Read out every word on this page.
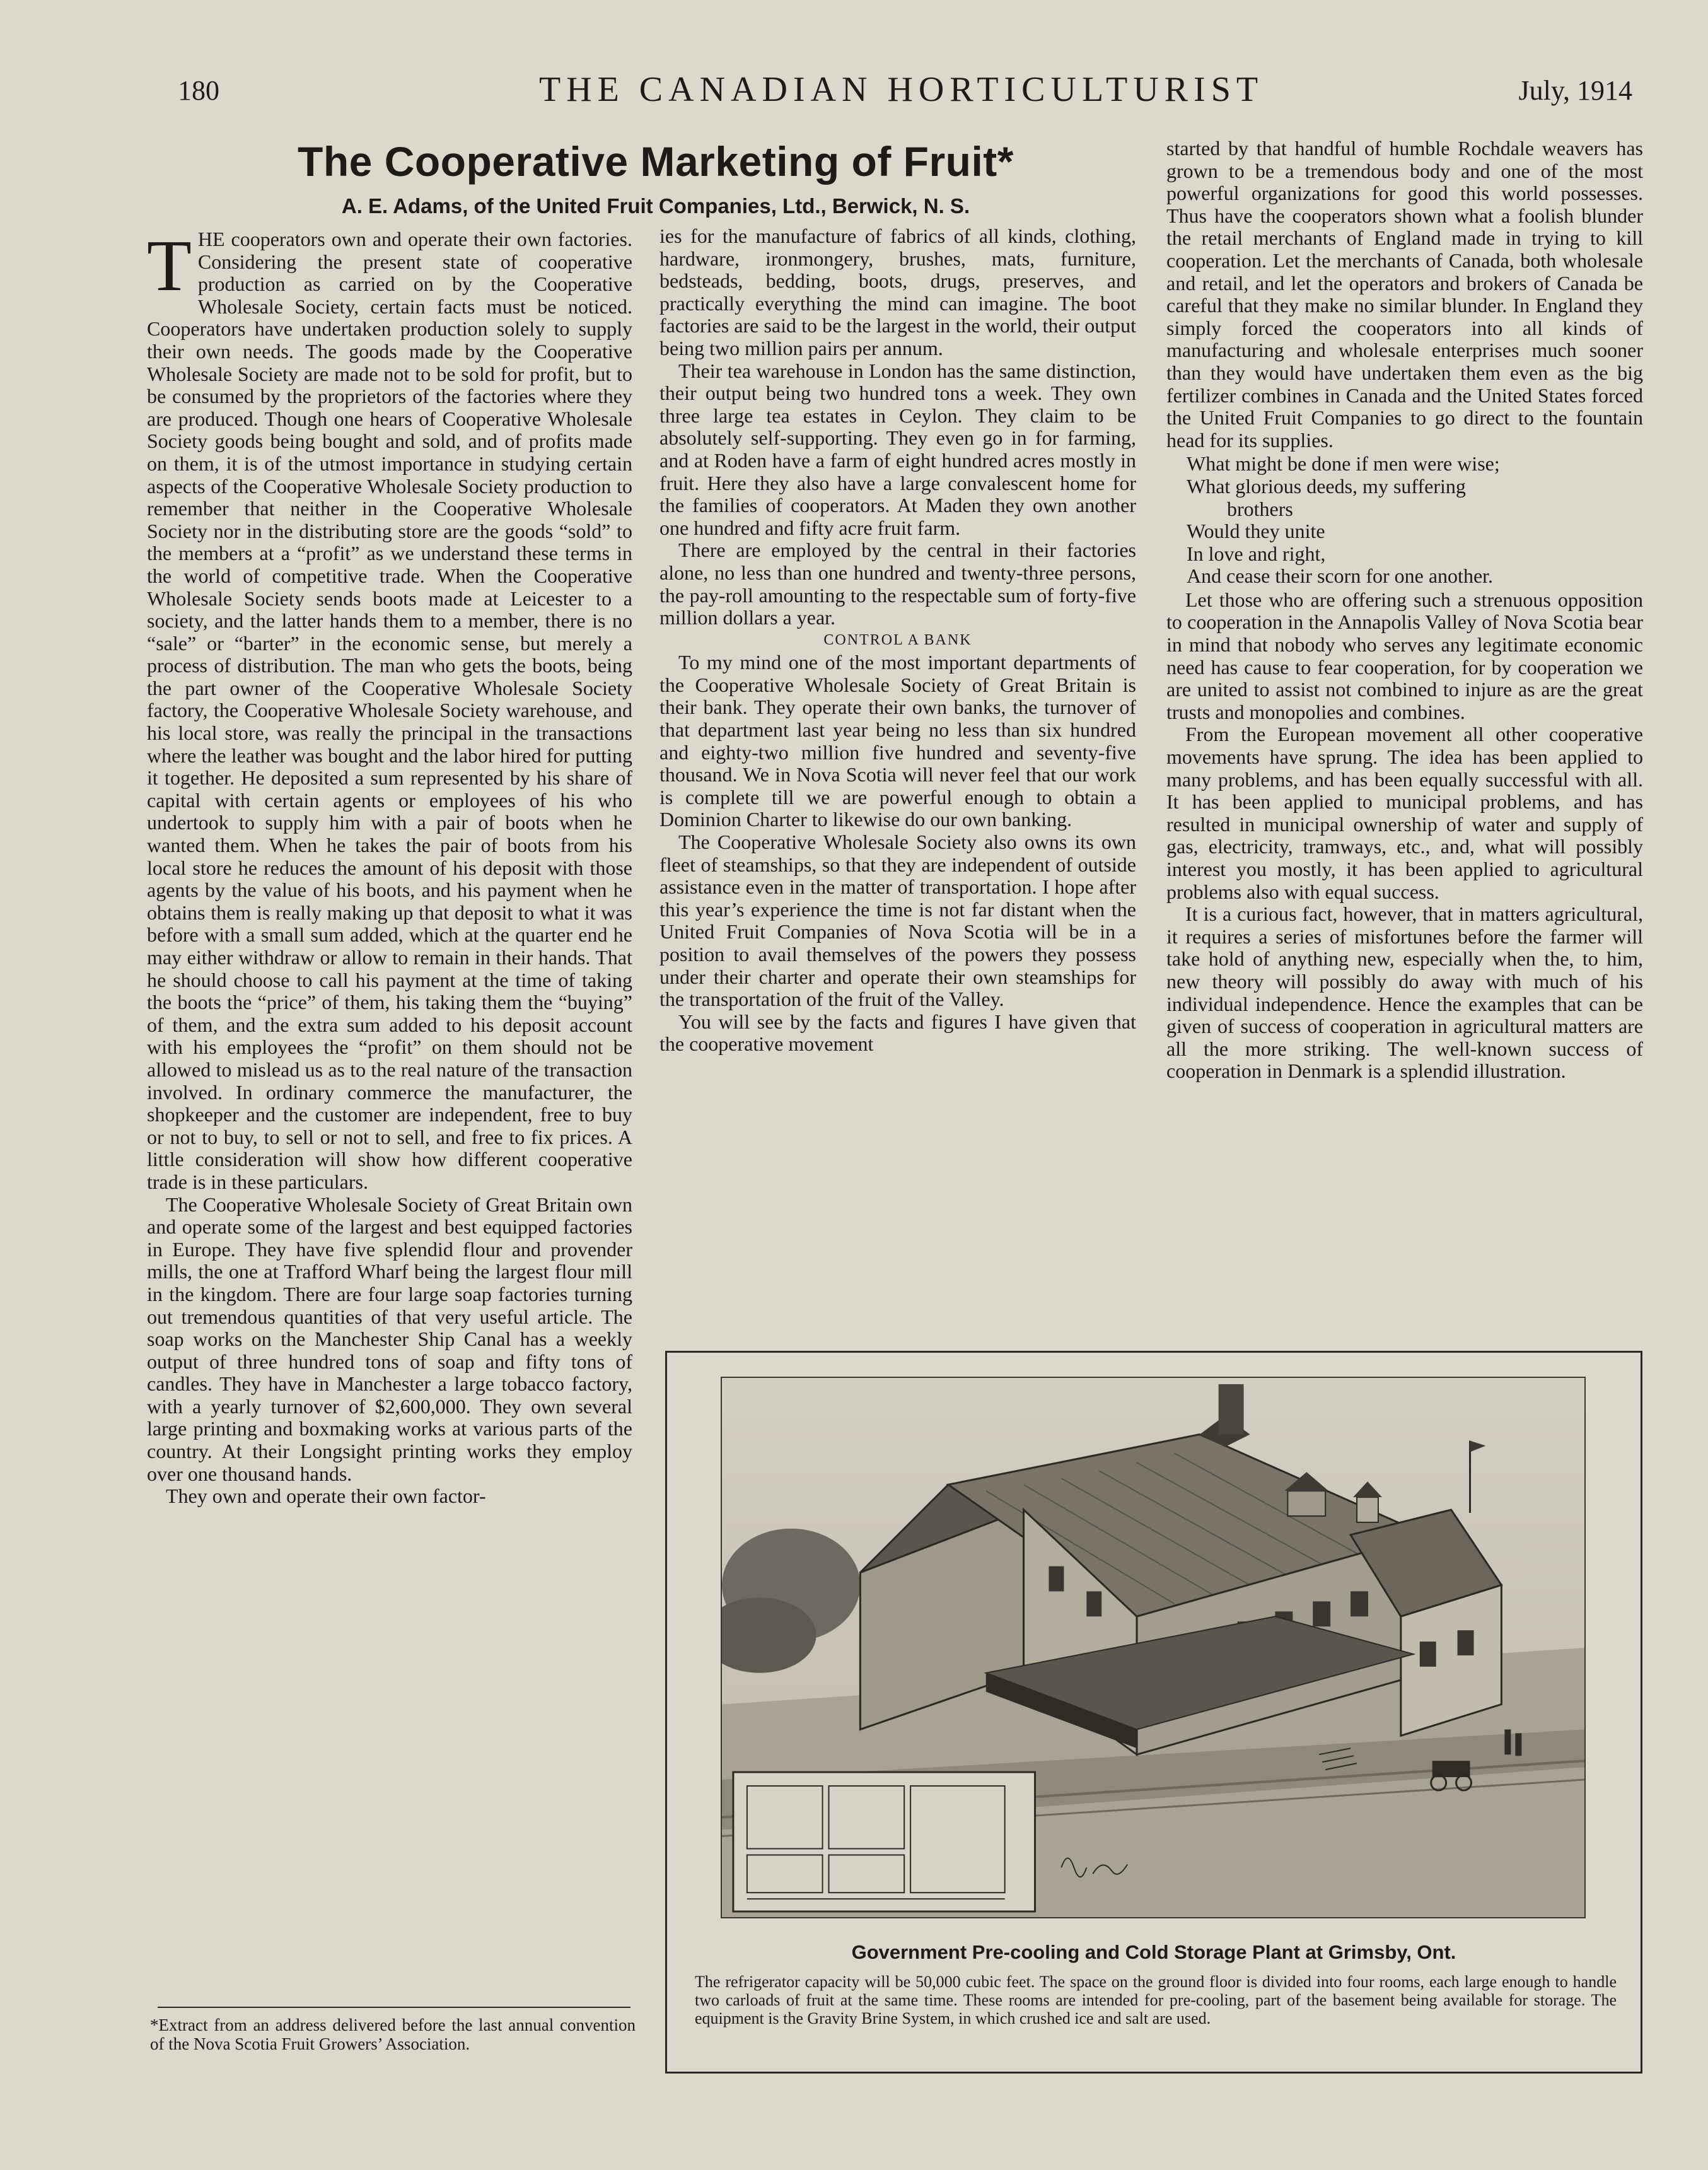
180	THE CANADIAN HORTICULTURIST	July, 1914
The Cooperative Marketing of Fruit*
A. E. Adams, of the United Fruit Companies, Ltd., Berwick, N. S.

THE cooperators own and operate their own factories. Considering the present state of cooperative production as carried on by the Cooperative Wholesale Society, certain facts must be noticed. Cooperators have undertaken production solely to supply their own needs. The goods made by the Cooperative Wholesale Society are made not to be sold for profit, but to be consumed by the proprietors of the factories where they are produced. Though one hears of Cooperative Wholesale Society goods being bought and sold, and of profits made on them, it is of the utmost importance in studying certain aspects of the Cooperative Wholesale Society production to remember that neither in the Cooperative Wholesale Society nor in the distributing store are the goods “sold” to the members at a “profit” as we understand these terms in the world of competitive trade. When the Cooperative Wholesale Society sends boots made at Leicester to a society, and the latter hands them to a member, there is no “sale” or “barter” in the economic sense, but merely a process of distribution. The man who gets the boots, being the part owner of the Cooperative Wholesale Society factory, the Cooperative Wholesale Society warehouse, and his local store, was really the principal in the transactions where the leather was bought and the labor hired for putting it together. He deposited a sum represented by his share of capital with certain agents or employees of his who undertook to supply him with a pair of boots when he wanted them. When he takes the pair of boots from his local store he reduces the amount of his deposit with those agents by the value of his boots, and his payment when he obtains them is really making up that deposit to what it was before with a small sum added, which at the quarter end he may either withdraw or allow to remain in their hands. That he should choose to call his payment at the time of taking the boots the “price” of them, his taking them the “buying” of them, and the extra sum added to his deposit account with his employees the “profit” on them should not be allowed to mislead us as to the real nature of the transaction involved. In ordinary commerce the manufacturer, the shopkeeper and the customer are independent, free to buy or not to buy, to sell or not to sell, and free to fix prices. A little consideration will show how different cooperative trade is in these particulars.

The Cooperative Wholesale Society of Great Britain own and operate some of the largest and best equipped factories in Europe. They have five splendid flour and provender mills, the one at Trafford Wharf being the largest flour mill in the kingdom. There are four large soap factories turning out tremendous quantities of that very useful article. The soap works on the Manchester Ship Canal has a weekly output of three hundred tons of soap and fifty tons of candles. They have in Manchester a large tobacco factory, with a yearly turnover of $2,600,000. They own several large printing and boxmaking works at various parts of the country. At their Longsight printing works they employ over one thousand hands.

They own and operate their own factor-

ies for the manufacture of fabrics of all kinds, clothing, hardware, ironmongery, brushes, mats, furniture, bedsteads, bedding, boots, drugs, preserves, and practically everything the mind can imagine. The boot factories are said to be the largest in the world, their output being two million pairs per annum.

Their tea warehouse in London has the same distinction, their output being two hundred tons a week. They own three large tea estates in Ceylon. They claim to be absolutely self-supporting. They even go in for farming, and at Roden have a farm of eight hundred acres mostly in fruit. Here they also have a large convalescent home for the families of cooperators. At Maden they own another one hundred and fifty acre fruit farm.

There are employed by the central in their factories alone, no less than one hundred and twenty-three persons, the pay-roll amounting to the respectable sum of forty-five million dollars a year.

CONTROL A BANK

To my mind one of the most important departments of the Cooperative Wholesale Society of Great Britain is their bank. They operate their own banks, the turnover of that department last year being no less than six hundred and eighty-two million five hundred and seventy-five thousand. We in Nova Scotia will never feel that our work is complete till we are powerful enough to obtain a Dominion Charter to likewise do our own banking.

The Cooperative Wholesale Society also owns its own fleet of steamships, so that they are independent of outside assistance even in the matter of transportation. I hope after this year’s experience the time is not far distant when the United Fruit Companies of Nova Scotia will be in a position to avail themselves of the powers they possess under their charter and operate their own steamships for the transportation of the fruit of the Valley.

You will see by the facts and figures I have given that the cooperative movement

started by that handful of humble Rochdale weavers has grown to be a tremendous body and one of the most powerful organizations for good this world possesses. Thus have the cooperators shown what a foolish blunder the retail merchants of England made in trying to kill cooperation. Let the merchants of Canada, both wholesale and retail, and let the operators and brokers of Canada be careful that they make no similar blunder. In England they simply forced the cooperators into all kinds of manufacturing and wholesale enterprises much sooner than they would have undertaken them even as the big fertilizer combines in Canada and the United States forced the United Fruit Companies to go direct to the fountain head for its supplies.

What might be done if men were wise;
What glorious deeds, my suffering
brothers
Would they unite
In love and right,
And cease their scorn for one another.

Let those who are offering such a strenuous opposition to cooperation in the Annapolis Valley of Nova Scotia bear in mind that nobody who serves any legitimate economic need has cause to fear cooperation, for by cooperation we are united to assist not combined to injure as are the great trusts and monopolies and combines.

From the European movement all other cooperative movements have sprung. The idea has been applied to many problems, and has been equally successful with all. It has been applied to municipal problems, and has resulted in municipal ownership of water and supply of gas, electricity, tramways, etc., and, what will possibly interest you mostly, it has been applied to agricultural problems also with equal success.

It is a curious fact, however, that in matters agricultural, it requires a series of misfortunes before the farmer will take hold of anything new, especially when the, to him, new theory will possibly do away with much of his individual independence. Hence the examples that can be given of success of cooperation in agricultural matters are all the more striking. The well-known success of cooperation in Denmark is a splendid illustration.

*Extract from an address delivered before the last annual convention of the Nova Scotia Fruit Growers’ Association.
Government Pre-cooling and Cold Storage Plant at Grimsby, Ont.
The refrigerator capacity will be 50,000 cubic feet. The space on the ground floor is divided into four rooms, each large enough to handle two carloads of fruit at the same time. These rooms are intended for pre-cooling, part of the basement being available for storage. The equipment is the Gravity Brine System, in which crushed ice and salt are used.
